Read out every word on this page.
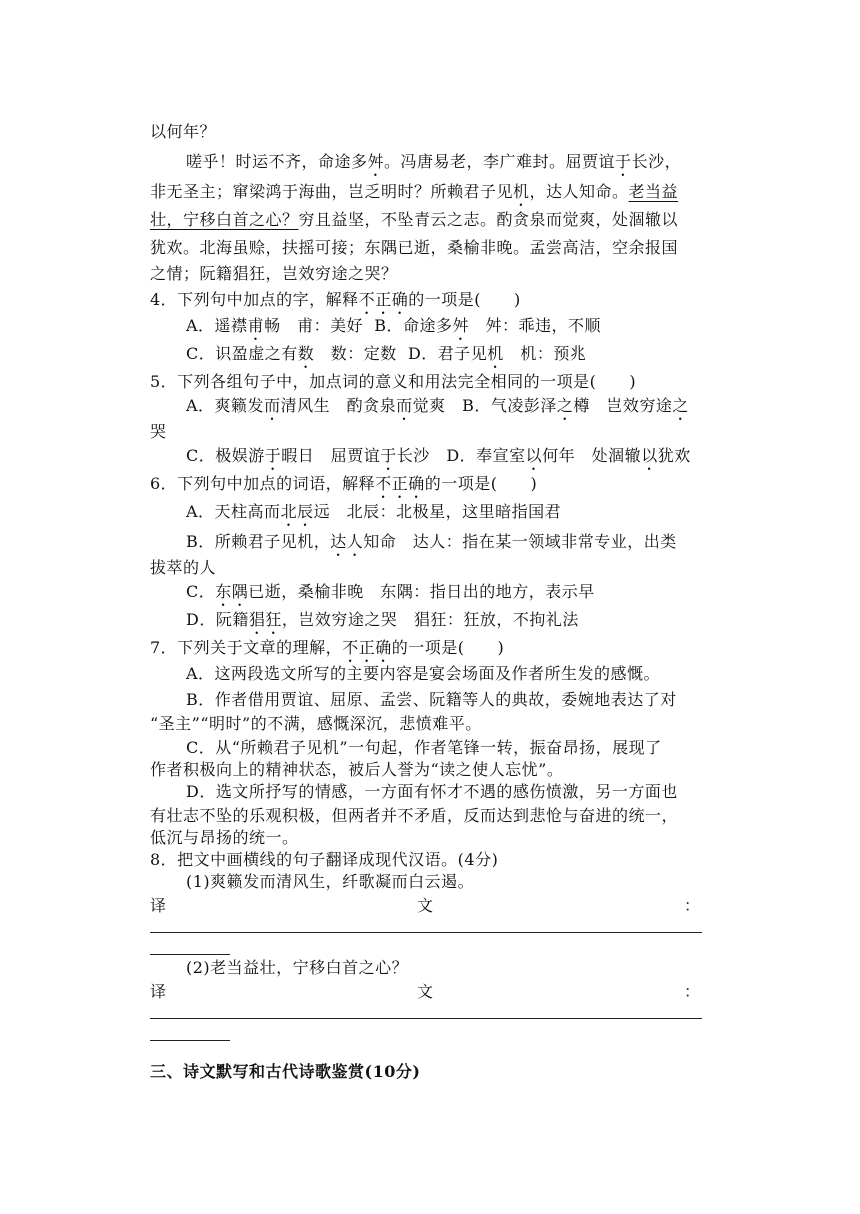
以何年？
嗟乎！时运不齐，命途多舛。冯唐易老，李广难封。屈贾谊于长沙，
非无圣主；窜梁鸿于海曲，岂乏明时？所赖君子见机，达人知命。老当益
壮，宁移白首之心？穷且益坚，不坠青云之志。酌贪泉而觉爽，处涸辙以
犹欢。北海虽赊，扶摇可接；东隅已逝，桑榆非晚。孟尝高洁，空余报国
之情；阮籍猖狂，岂效穷途之哭？
4．下列句中加点的字，解释不正确的一项是(　　)
A．遥襟甫畅　甫：美好 B．命途多舛　舛：乖违，不顺
C．识盈虚之有数　数：定数 D．君子见机　机：预兆
5．下列各组句子中，加点词的意义和用法完全相同的一项是(　　)
A．爽籁发而清风生　酌贪泉而觉爽　B．气凌彭泽之樽　岂效穷途之
哭
C．极娱游于暇日　屈贾谊于长沙　D．奉宣室以何年　处涸辙以犹欢
6．下列句中加点的词语，解释不正确的一项是(　　)
A．天柱高而北辰远　北辰：北极星，这里暗指国君
B．所赖君子见机，达人知命　达人：指在某一领域非常专业，出类
拔萃的人
C．东隅已逝，桑榆非晚　东隅：指日出的地方，表示早
D．阮籍猖狂，岂效穷途之哭　猖狂：狂放，不拘礼法
7．下列关于文章的理解，不正确的一项是(　　)
A．这两段选文所写的主要内容是宴会场面及作者所生发的感慨。
B．作者借用贾谊、屈原、孟尝、阮籍等人的典故，委婉地表达了对
“圣主”“明时”的不满，感慨深沉，悲愤难平。
C．从“所赖君子见机”一句起，作者笔锋一转，振奋昂扬，展现了
作者积极向上的精神状态，被后人誉为“读之使人忘忧”。
D．选文所抒写的情感，一方面有怀才不遇的感伤愤激，另一方面也
有壮志不坠的乐观积极，但两者并不矛盾，反而达到悲怆与奋进的统一，
低沉与昂扬的统一。
8．把文中画横线的句子翻译成现代汉语。(4分)
(1)爽籁发而清风生，纤歌凝而白云遏。
译	文	：
(2)老当益壮，宁移白首之心？
译	文	：
三、诗文默写和古代诗歌鉴赏(10分)
